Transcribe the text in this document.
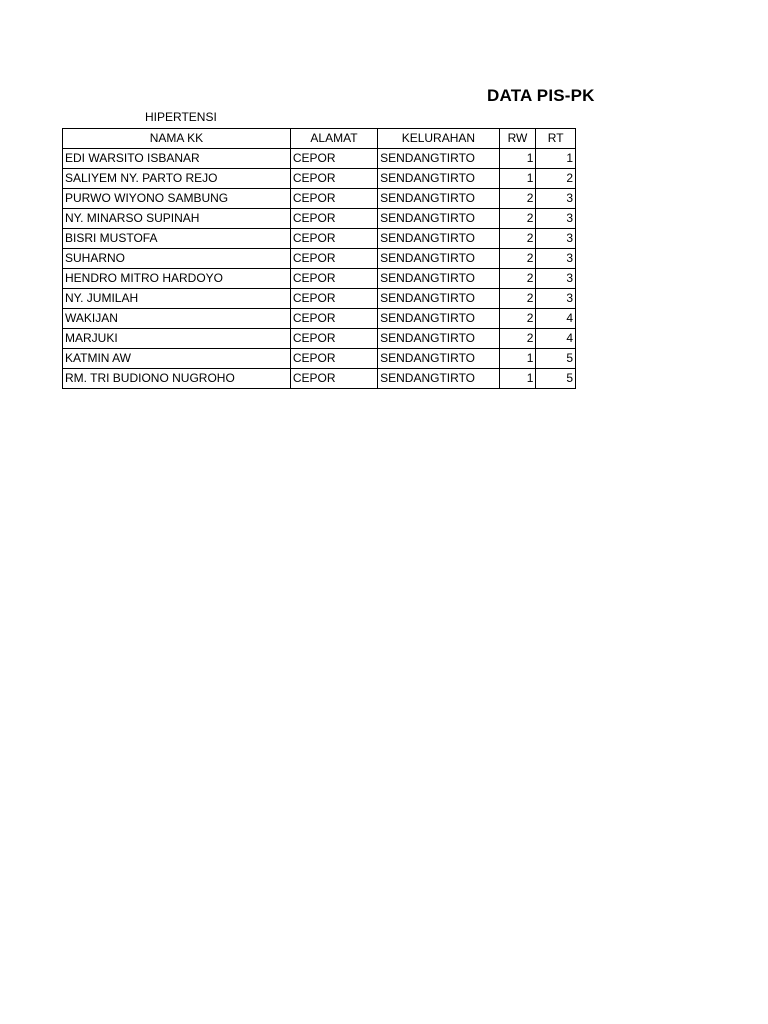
DATA PIS-PK
HIPERTENSI
NAMA KK	ALAMAT	KELURAHAN	RW	RT
EDI WARSITO ISBANAR	CEPOR	SENDANGTIRTO	1	1
SALIYEM NY. PARTO REJO	CEPOR	SENDANGTIRTO	1	2
PURWO WIYONO SAMBUNG	CEPOR	SENDANGTIRTO	2	3
NY. MINARSO SUPINAH	CEPOR	SENDANGTIRTO	2	3
BISRI MUSTOFA	CEPOR	SENDANGTIRTO	2	3
SUHARNO	CEPOR	SENDANGTIRTO	2	3
HENDRO MITRO HARDOYO	CEPOR	SENDANGTIRTO	2	3
NY. JUMILAH	CEPOR	SENDANGTIRTO	2	3
WAKIJAN	CEPOR	SENDANGTIRTO	2	4
MARJUKI	CEPOR	SENDANGTIRTO	2	4
KATMIN AW	CEPOR	SENDANGTIRTO	1	5
RM. TRI BUDIONO NUGROHO	CEPOR	SENDANGTIRTO	1	5
